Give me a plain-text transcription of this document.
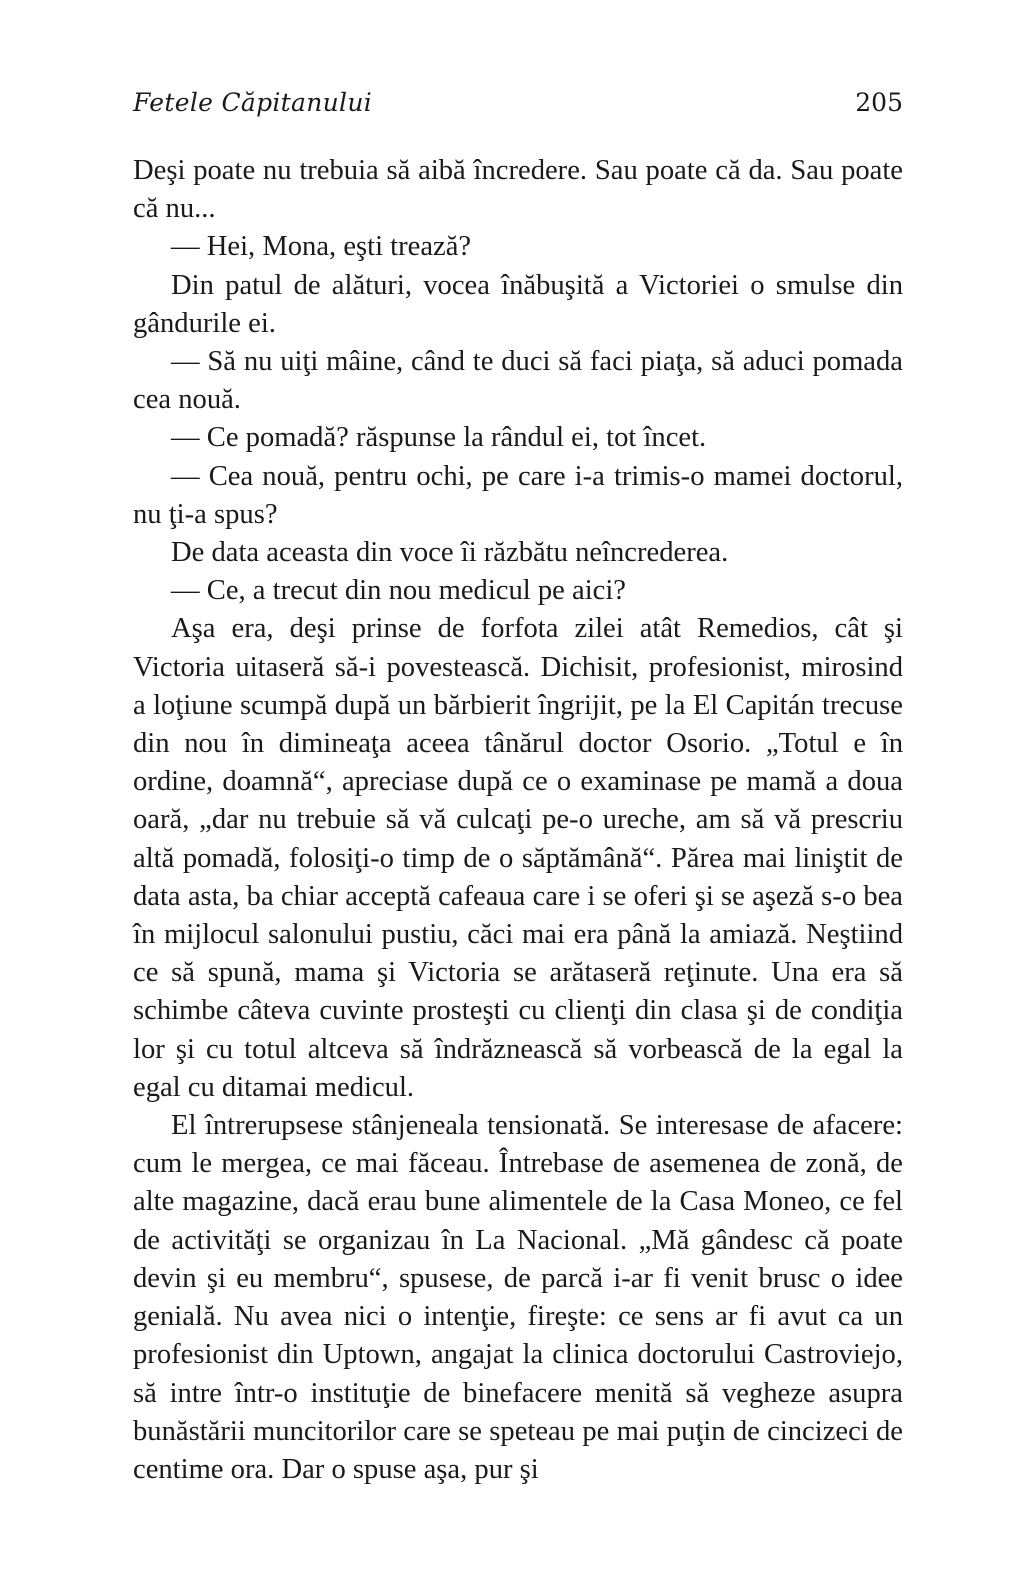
Fetele Căpitanului	205

Deşi poate nu trebuia să aibă încredere. Sau poate că da. Sau poate că nu...

— Hei, Mona, eşti trează?

Din patul de alături, vocea înăbuşită a Victoriei o smulse din gândurile ei.

— Să nu uiţi mâine, când te duci să faci piaţa, să aduci pomada cea nouă.

— Ce pomadă? răspunse la rândul ei, tot încet.

— Cea nouă, pentru ochi, pe care i-a trimis-o mamei doctorul, nu ţi-a spus?

De data aceasta din voce îi răzbătu neîncrederea.

— Ce, a trecut din nou medicul pe aici?

Aşa era, deşi prinse de forfota zilei atât Remedios, cât şi Victoria uitaseră să-i povestească. Dichisit, profesionist, mirosind a loţiune scumpă după un bărbierit îngrijit, pe la El Capitán trecuse din nou în dimineaţa aceea tânărul doctor Osorio. „Totul e în ordine, doamnă“, apreciase după ce o examinase pe mamă a doua oară, „dar nu trebuie să vă culcaţi pe-o ureche, am să vă prescriu altă pomadă, folosiţi-o timp de o săptămână“. Părea mai liniştit de data asta, ba chiar acceptă cafeaua care i se oferi şi se aşeză s-o bea în mijlocul salonului pustiu, căci mai era până la amiază. Neştiind ce să spună, mama şi Victoria se arătaseră reţinute. Una era să schimbe câteva cuvinte prosteşti cu clienţi din clasa şi de condiţia lor şi cu totul altceva să îndrăznească să vorbească de la egal la egal cu ditamai medicul.

El întrerupsese stânjeneala tensionată. Se interesase de afacere: cum le mergea, ce mai făceau. Întrebase de asemenea de zonă, de alte magazine, dacă erau bune alimentele de la Casa Moneo, ce fel de activităţi se organizau în La Nacional. „Mă gândesc că poate devin şi eu membru“, spusese, de parcă i-ar fi venit brusc o idee genială. Nu avea nici o intenţie, fireşte: ce sens ar fi avut ca un profesionist din Uptown, angajat la clinica doctorului Castroviejo, să intre într-o instituţie de binefacere menită să vegheze asupra bunăstării muncitorilor care se speteau pe mai puţin de cincizeci de centime ora. Dar o spuse aşa, pur şi
